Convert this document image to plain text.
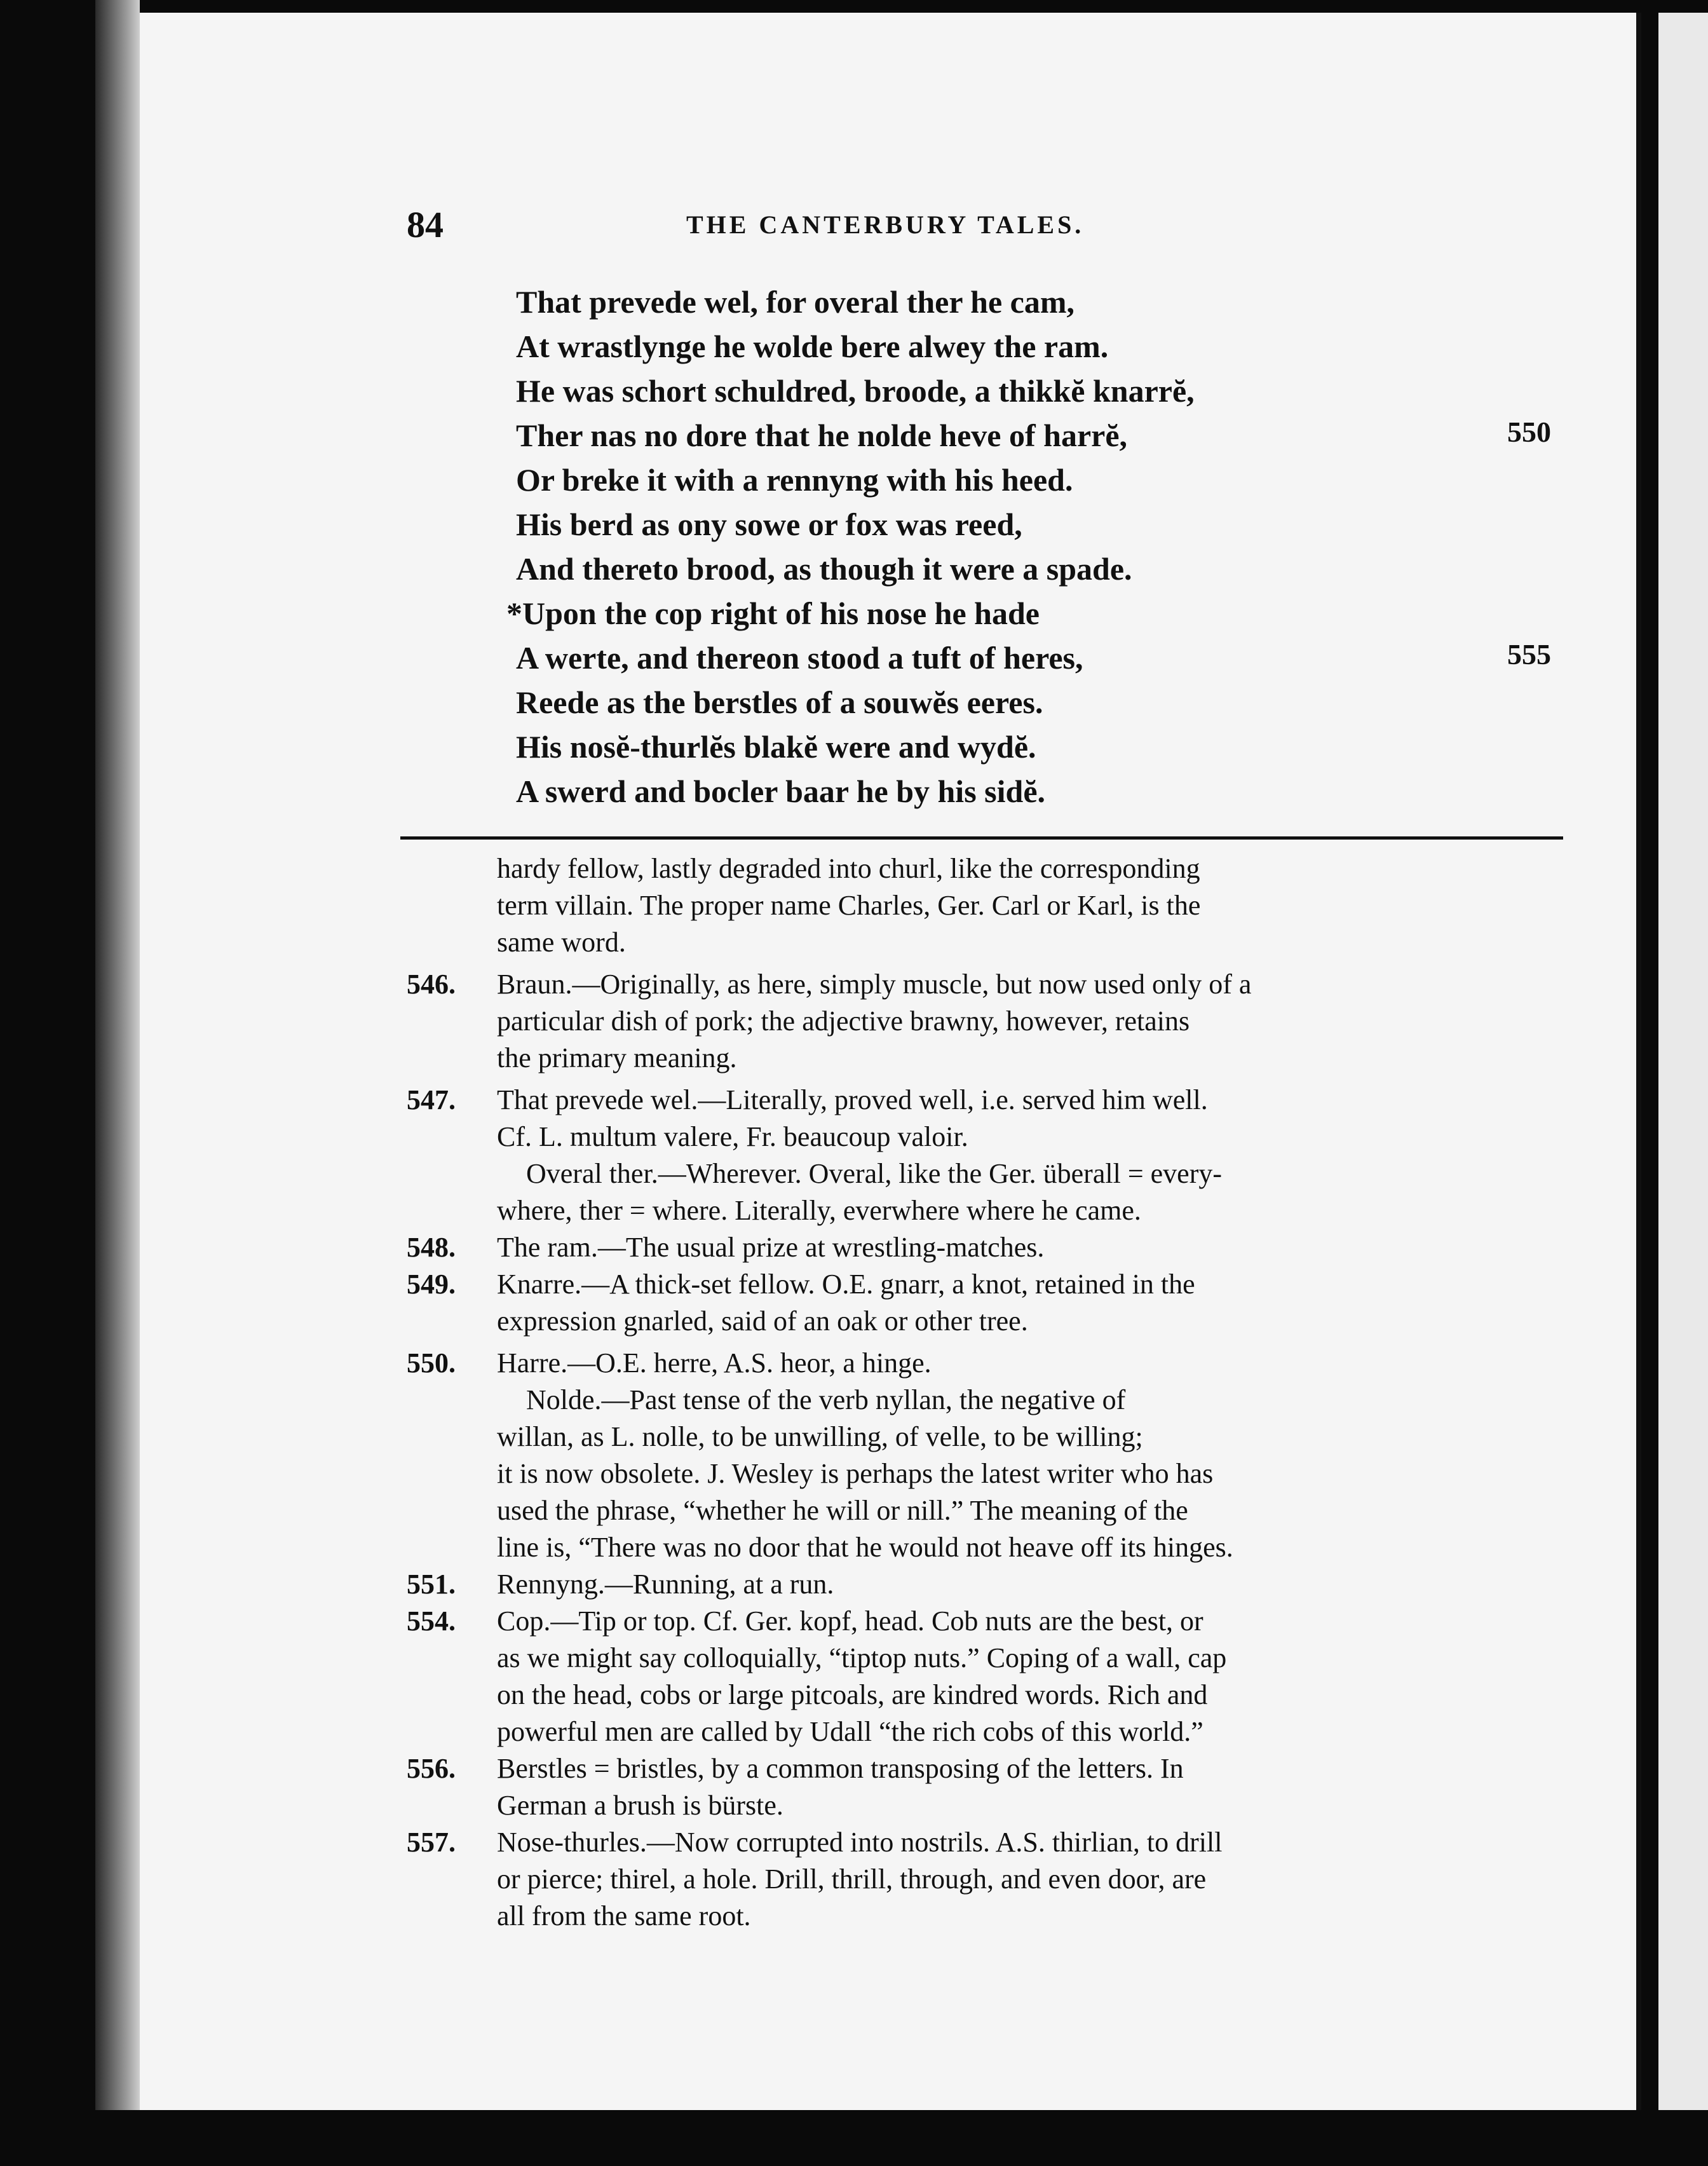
84	THE CANTERBURY TALES.
That prevede wel, for overal ther he cam,
At wrastlynge he wolde bere alwey the ram.
He was schort schuldred, broode, a thikkĕ knarrĕ,
Ther nas no dore that he nolde heve of harrĕ,	550
Or breke it with a rennyng with his heed.
His berd as ony sowe or fox was reed,
And thereto brood, as though it were a spade.
*Upon the cop right of his nose he hade
A werte, and thereon stood a tuft of heres,	555
Reede as the berstles of a souwĕs eeres.
His nosĕ-thurlĕs blakĕ were and wydĕ.
A swerd and bocler baar he by his sidĕ.
hardy fellow, lastly degraded into churl, like the corresponding
term villain. The proper name Charles, Ger. Carl or Karl, is the
same word.
546.	Braun.—Originally, as here, simply muscle, but now used only of a
particular dish of pork; the adjective brawny, however, retains
the primary meaning.
547.	That prevede wel.—Literally, proved well, i.e. served him well.
Cf. L. multum valere, Fr. beaucoup valoir.
Overal ther.—Wherever. Overal, like the Ger. überall = every-
where, ther = where. Literally, everwhere where he came.
548.	The ram.—The usual prize at wrestling-matches.
549.	Knarre.—A thick-set fellow. O.E. gnarr, a knot, retained in the
expression gnarled, said of an oak or other tree.
550.	Harre.—O.E. herre, A.S. heor, a hinge.
Nolde.—Past tense of the verb nyllan, the negative of
willan, as L. nolle, to be unwilling, of velle, to be willing;
it is now obsolete. J. Wesley is perhaps the latest writer who has
used the phrase, “whether he will or nill.” The meaning of the
line is, “There was no door that he would not heave off its hinges.
551.	Rennyng.—Running, at a run.
554.	Cop.—Tip or top. Cf. Ger. kopf, head. Cob nuts are the best, or
as we might say colloquially, “tiptop nuts.” Coping of a wall, cap
on the head, cobs or large pitcoals, are kindred words. Rich and
powerful men are called by Udall “the rich cobs of this world.”
556.	Berstles = bristles, by a common transposing of the letters. In
German a brush is bürste.
557.	Nose-thurles.—Now corrupted into nostrils. A.S. thirlian, to drill
or pierce; thirel, a hole. Drill, thrill, through, and even door, are
all from the same root.
